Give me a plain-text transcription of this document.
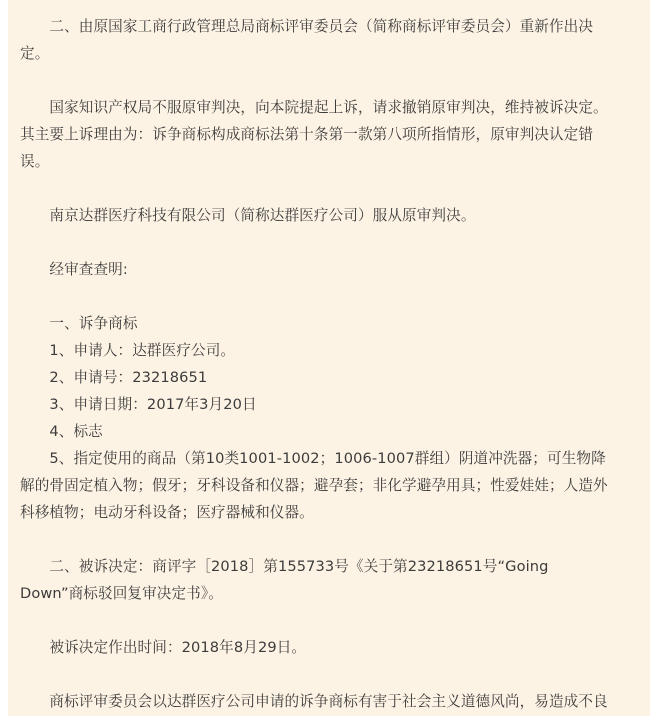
　　二、由原国家工商行政管理总局商标评审委员会（简称商标评审委员会）重新作出决
定。
　　国家知识产权局不服原审判决，向本院提起上诉，请求撤销原审判决，维持被诉决定。
其主要上诉理由为：诉争商标构成商标法第十条第一款第八项所指情形，原审判决认定错
误。
　　南京达群医疗科技有限公司（简称达群医疗公司）服从原审判决。
　　经审查查明:
　　一、诉争商标
　　1、申请人：达群医疗公司。
　　2、申请号：23218651
　　3、申请日期：2017年3月20日
　　4、标志
　　5、指定使用的商品（第10类1001-1002；1006-1007群组）阴道冲洗器；可生物降
解的骨固定植入物；假牙；牙科设备和仪器；避孕套；非化学避孕用具；性爱娃娃；人造外
科移植物；电动牙科设备；医疗器械和仪器。
　　二、被诉决定：商评字［2018］第155733号《关于第23218651号“Going
Down”商标驳回复审决定书》。
　　被诉决定作出时间：2018年8月29日。
　　商标评审委员会以达群医疗公司申请的诉争商标有害于社会主义道德风尚，易造成不良
